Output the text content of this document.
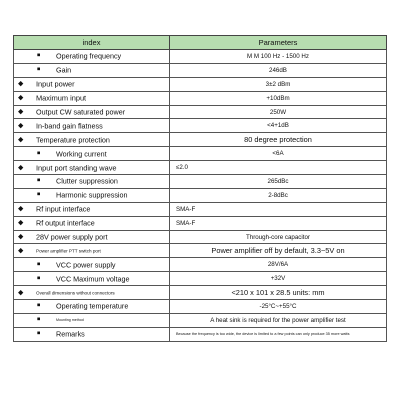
index	Parameters

■ Operating frequency	M M 100 Hz - 1500 Hz

■ Gain	246dB

◆ Input power	3±2 dBm

◆ Maximum input	+10dBm

◆ Output CW saturated power	250W

◆ In-band gain flatness	<4+1dB

◆ Temperature protection	80 degree protection

■ Working current	<6A

◆ Input port standing wave	≤2.0

■ Clutter suppression	265dBc

■ Harmonic suppression	2-8dBc

◆ Rf input interface	SMA-F

◆ Rf output interface	SMA-F

◆ 28V power supply port	Through-core capacitor

◆ Power amplifier PTT switch port	Power amplifier off by default, 3.3~5V on

■ VCC power supply	28V/6A

■ VCC Maximum voltage	+32V

◆ Overall dimensions without connectors	<210 x 101 x 28.5 units: mm

■ Operating temperature	-25°C~+55°C

■ Mounting method	A heat sink is required for the power amplifier test

■ Remarks	Because the frequency is too wide, the device is limited to a few points can only produce 35 more watts
